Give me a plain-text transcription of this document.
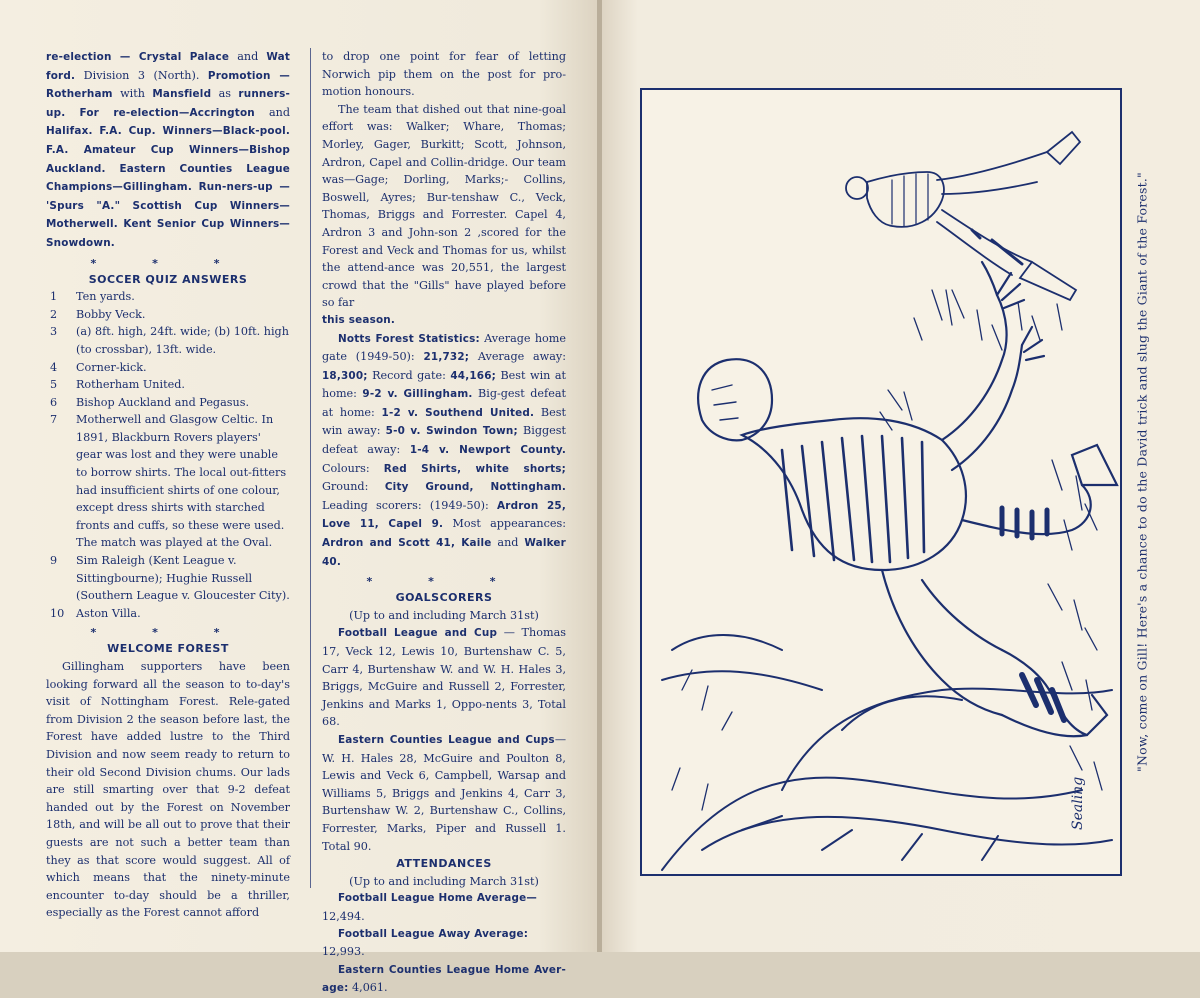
re-election — Crystal Palace and Wat ford. Division 3 (North). Promotion —Rotherham with Mansfield as runners-up. For re-election—Accrington and Halifax. F.A. Cup. Winners—Black-pool. F.A. Amateur Cup Winners—Bishop Auckland. Eastern Counties League Champions—Gillingham. Run-ners-up — 'Spurs "A." Scottish Cup Winners—Motherwell. Kent Senior Cup Winners—Snowdown.

* * *

SOCCER QUIZ ANSWERS

1 Ten yards.
2 Bobby Veck.
3 (a) 8ft. high, 24ft. wide; (b) 10ft. high (to crossbar), 13ft. wide.
4 Corner-kick.
5 Rotherham United.
6 Bishop Auckland and Pegasus.
7 Motherwell and Glasgow Celtic. In 1891, Blackburn Rovers players' gear was lost and they were unable to borrow shirts. The local out-fitters had insufficient shirts of one colour, except dress shirts with starched fronts and cuffs, so these were used. The match was played at the Oval.
9 Sim Raleigh (Kent League v. Sittingbourne); Hughie Russell (Southern League v. Gloucester City).
10 Aston Villa.
* * *

WELCOME FOREST

Gillingham supporters have been looking forward all the season to to-day's visit of Nottingham Forest. Rele-gated from Division 2 the season before last, the Forest have added lustre to the Third Division and now seem ready to return to their old Second Division chums. Our lads are still smarting over that 9-2 defeat handed out by the Forest on November 18th, and will be all out to prove that their guests are not such a better team than they as that score would suggest. All of which means that the ninety-minute encounter to-day should be a thriller, especially as the Forest cannot afford

to drop one point for fear of letting Norwich pip them on the post for pro-motion honours.

The team that dished out that nine-goal effort was: Walker; Whare, Thomas; Morley, Gager, Burkitt; Scott, Johnson, Ardron, Capel and Collin-dridge. Our team was—Gage; Dorling, Marks;- Collins, Boswell, Ayres; Bur-tenshaw C., Veck, Thomas, Briggs and Forrester. Capel 4, Ardron 3 and John-son 2 ,scored for the Forest and Veck and Thomas for us, whilst the attend-ance was 20,551, the largest crowd that the "Gills" have played before so far

this season.

Notts Forest Statistics: Average home gate (1949-50): 21,732; Average away: 18,300; Record gate: 44,166; Best win at home: 9-2 v. Gillingham. Big-gest defeat at home: 1-2 v. Southend United. Best win away: 5-0 v. Swindon Town; Biggest defeat away: 1-4 v. Newport County. Colours: Red Shirts, white shorts; Ground: City Ground, Nottingham. Leading scorers: (1949-50): Ardron 25, Love 11, Capel 9. Most appearances: Ardron and Scott 41, Kaile and Walker 40.

* * *

GOALSCORERS

(Up to and including March 31st)

Football League and Cup — Thomas 17, Veck 12, Lewis 10, Burtenshaw C. 5, Carr 4, Burtenshaw W. and W. H. Hales 3, Briggs, McGuire and Russell 2, Forrester, Jenkins and Marks 1, Oppo-nents 3, Total 68.

Eastern Counties League and Cups— W. H. Hales 28, McGuire and Poulton 8, Lewis and Veck 6, Campbell, Warsap and Williams 5, Briggs and Jenkins 4, Carr 3, Burtenshaw W. 2, Burtenshaw C., Collins, Forrester, Marks, Piper and Russell 1. Total 90.

ATTENDANCES

(Up to and including March 31st)

Football League Home Average—

12,494.

Football League Away Average:

12,993.

Eastern Counties League Home Aver-age: 4,061.

Sealing
"Now, come on Gill! Here's a chance to do the David trick and slug the Giant of the Forest."
